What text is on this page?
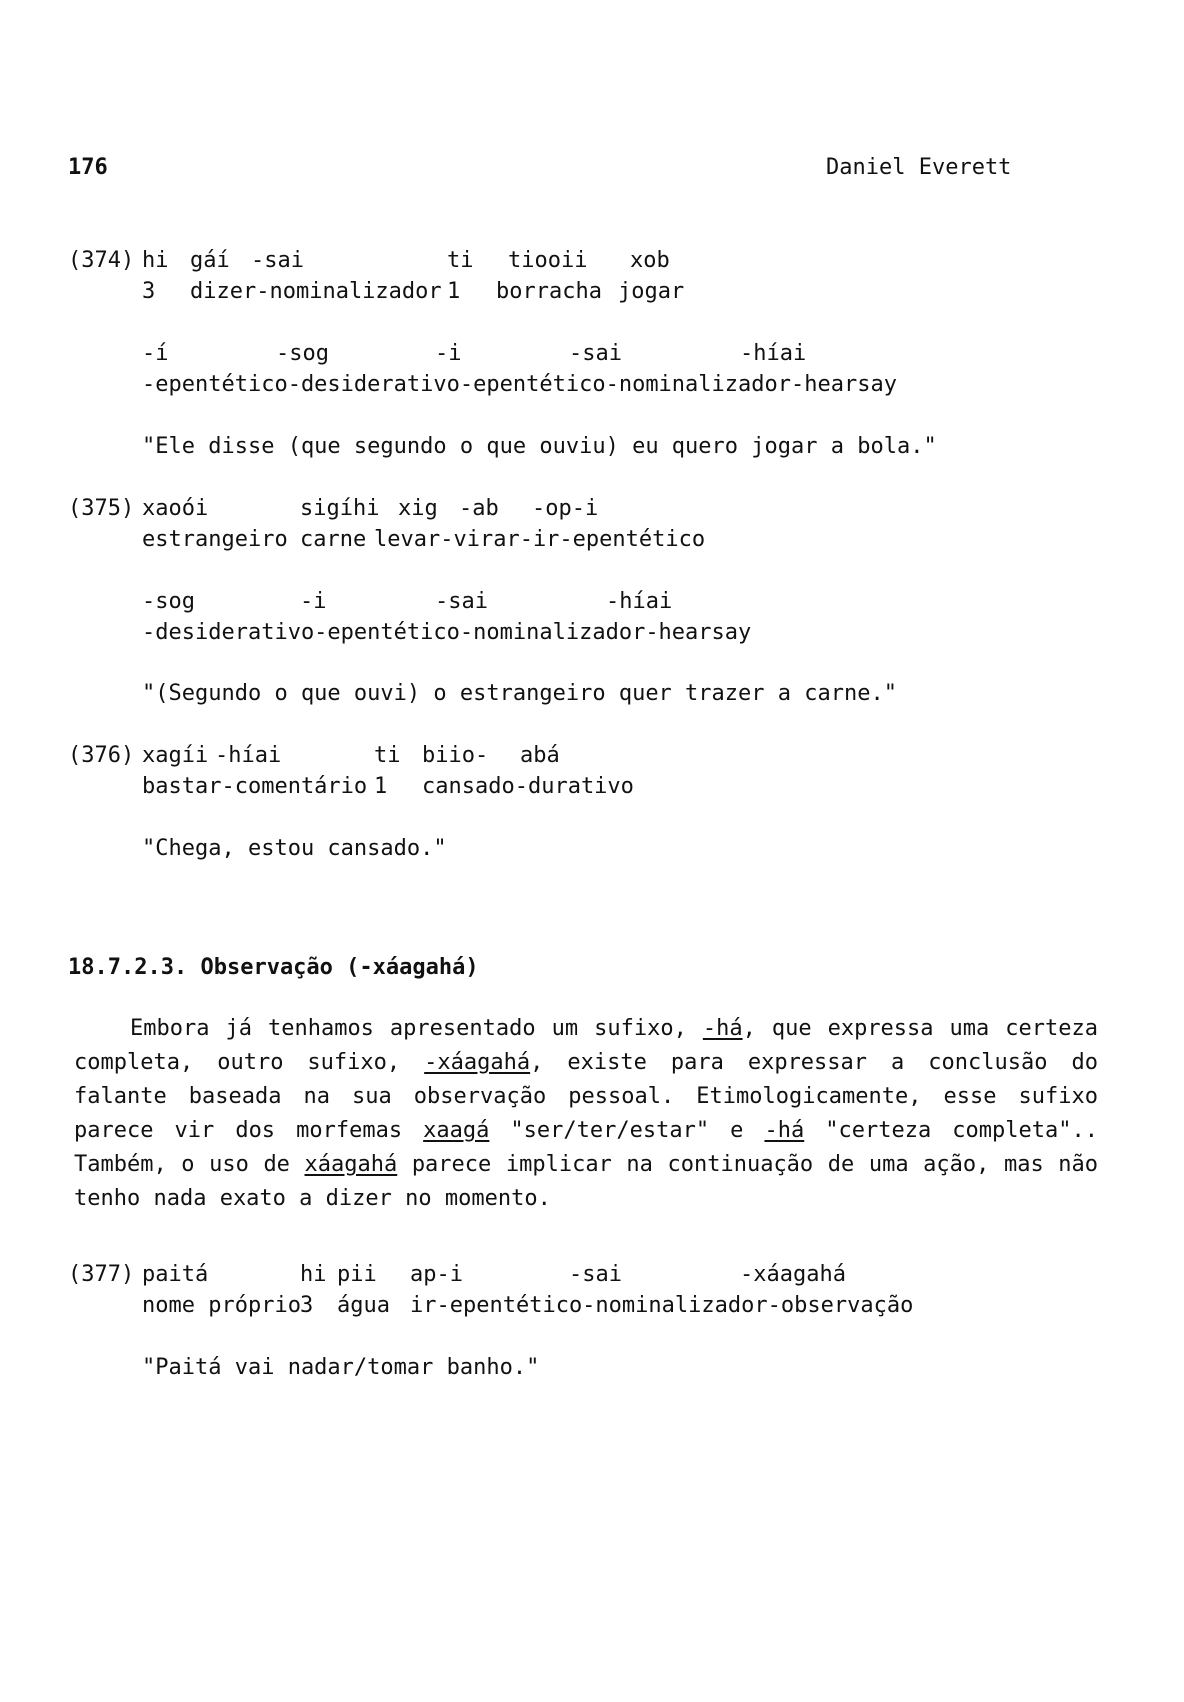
176	Daniel Everett
(374) hi gáí -sai	ti tiooii xob
3 dizer-nominalizador 1 borracha jogar
-í	-sog	-i	-sai	-híai
-epentético-desiderativo-epentético-nominalizador-hearsay
"Ele disse (que segundo o que ouviu) eu quero jogar a bola."
(375) xaoói	sigíhi xig -ab -op-i
estrangeiro carne levar-virar-ir-epentético
-sog	-i	-sai	-híai
-desiderativo-epentético-nominalizador-hearsay
"(Segundo o que ouvi) o estrangeiro quer trazer a carne."
(376) xagíi -híai	ti biio- abá
bastar-comentário 1 cansado-durativo
"Chega, estou cansado."
18.7.2.3. Observação (-xáagahá)
Embora já tenhamos apresentado um sufixo, -há, que expressa uma certeza
completa, outro sufixo, -xáagahá, existe para expressar a conclusão do
falante baseada na sua observação pessoal. Etimologicamente, esse sufixo
parece vir dos morfemas xaagá "ser/ter/estar" e -há "certeza completa"..
Também, o uso de xáagahá parece implicar na continuação de uma ação, mas não
tenho nada exato a dizer no momento.
(377) paitá	hi pii ap-i	-sai	-xáagahá
nome próprio 3 água ir-epentético-nominalizador-observação
"Paitá vai nadar/tomar banho."
